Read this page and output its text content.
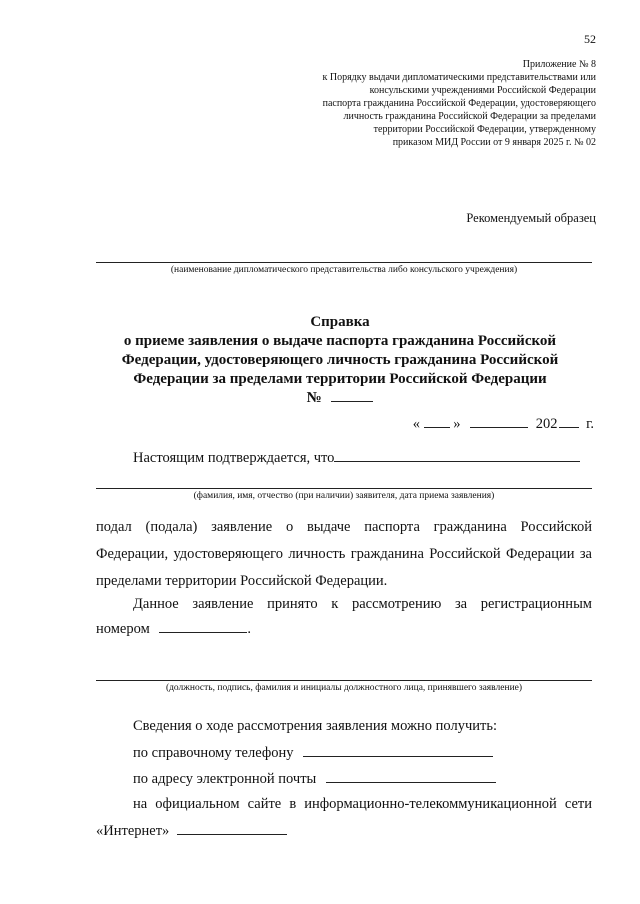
52
Приложение № 8
к Порядку выдачи дипломатическими представительствами или
консульскими учреждениями Российской Федерации
паспорта гражданина Российской Федерации, удостоверяющего
личность гражданина Российской Федерации за пределами
территории Российской Федерации, утвержденному
приказом МИД России от 9 января 2025 г. № 02
Рекомендуемый образец
(наименование дипломатического представительства либо консульского учреждения)
Справка
о приеме заявления о выдаче паспорта гражданина Российской
Федерации, удостоверяющего личность гражданина Российской
Федерации за пределами территории Российской Федерации
№
« »	202 г.
Настоящим подтверждается, что
(фамилия, имя, отчество (при наличии) заявителя, дата приема заявления)
подал (подала) заявление о выдаче паспорта гражданина Российской Федерации, удостоверяющего личность гражданина Российской Федерации за пределами территории Российской Федерации.
Данное заявление принято к рассмотрению за регистрационным
номером	.
(должность, подпись, фамилия и инициалы должностного лица, принявшего заявление)
Сведения о ходе рассмотрения заявления можно получить:
по справочному телефону
по адресу электронной почты
на официальном сайте в информационно-телекоммуникационной сети
«Интернет»
